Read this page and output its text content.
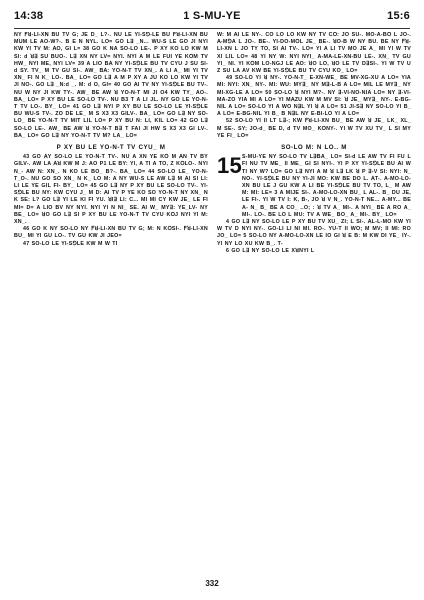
14:38	1 S-MU-YE	15:6

NY ꓝꓤ-LI-Xꓠ BU TV G; JE D_ L?-. NU LE YI-Sꓨ-LE BU ꓝꓤ-LI-Xꓠ BU MꓴM LE AO-W?-. B E N NYL. LO= GO Lꓱ _N... WU-S LE GO JI NYI KW YI TV M: ꓮO, GI L= 38 GO K NA SO-LO LE-. P XY KO LO KW M SI: d ꓤꓱ SU BUO-. Lꓱ XN NY LV= NYI. NYI A M LE FUI YE KꓳM TV HW_ NYI ME, NYI LV= 39 A LIO Bꓮ NY YI-SꓨLE BU TV CYU J SU SI-d SY. TV_ M TV GU SI-. AW_ Bꓮ: YO-N-T TV XN_. A LI A_ MI YI TV XN_ FI N K_ LO-. BA_ LO= GO Lꓱ A M P XY A JU KO LO KW YI TV JI NO-. GO Lꓱ _N:d _. M: d O, GI= 40 GO ꓮI TV NY YI-SꓨLE BU TV-. NU W NY JI KW TY-. AW_ BE AW ꓤ YO-N-T MI JI O4 KW TY_ AO-. BA_ LO= P XY BU LE SO-LO TV-. NU B3 T A LI JL. NY GO LE YO-N-T TV LO-. BY_ LO= 41 GO Lꓱ NYI P XY BU LE SO-LO LE YI-SꓨLE BU WU-S TV-. ZO DE LE_ M S X3 X3 GꓲLV-. BA_ LO= GO Lꓱ NY SO-LO_ BE YO-N-T TV MꓲT LꓲL LO= P XY BU N: LI, KꓲL LO= 42 GO Lꓱ SO-LO LE-. AW_ BE AW ꓤ YO-N-T Bꓱ T FAI JI HW S X3 X3 GI LV-. BA_ LO= GO Lꓱ NY YO-N-T TV M? LA_ LO=

P XY BU LE YO-N-T TV CYU_ M

43 GO ꓮY SO-LO LE YO-N-T TV-. NU A XN YE Kꓳ M ꓮN TV BY GꓲLV-. AW LA ꓮꓤ KW M J: AO P1 LE BY: YI, A TI A TO, Z KꓳLO-. NYI N_- AW N: XN_. N KO LE BO_ B?-. BA_ LO= 44 SO-LO LE_ YO-N-T_O-. NU GO SO XN_ N K_ LO M: A NY WU-S LE AW Lꓱ M ꓮI SI LI: LI LE YE GꓲL FI- BY_ LO= 45 GO Lꓱ NY P XY BU LE SO-LO TV-. YI-SꓨLE BU NY: KW CYU J_ M D: ꓮI TV P YE KO SO YO-N-T NY XN_ N K SE: L? GO Lꓱ YI LE KI FI YU. ꓤIꓱ LI: C... MI MI CY KW JE_ LE FI MI= D= A LIO BV NY NYI. NYI YI N NI_ SE. ꓮI W_ MYꓱ: YE_LV- NY BE_ LO= ꓤO GO Lꓱ SI P XY BU LE YO-N-T TV CYU KꓳJ NYI YI M: XN_.

46 GO K NY SO-LO NY ꓝꓤ-LI-XN BU TV G; M: N KꓳSI-. ꓝꓤ-LI-XN BU_ MI YI GU LO-. TV GU KW JI JEO=

47 SO-LO LE YI-SꓨLE KW M W TI

W: M ꓮI LE NY-. CO LO LO KW NY TV Cꓳ: JO SU-. MO-A-Bꓳ L JO-. ꓮ-MꓨA L JO-. BE-. YI-DO-MꓳL JE_ BE-. ꓤO-B W NY BU. BE NY ꓝꓤ-LI-XN L JO TY TO, SI ꓮI TV-. LO= YI A LI TV MO JE A_ MI YI W TV XI LꓲL LO= 48 YI NY W: NYI NYI_ A-MA-LE-XN-BU LE-. XN_ TV GU YI_ NI. YI KꓳM LO-NGJ LE ꓮO: ꓤO LO, ꓤO LE TV DꓱSI-. YI W TV U Z SU LA AV KW BE YI-SꓨLE BU TV CYU KO_ LO=

49 SO-LO YI ꓤ NY-. YO-N-T_ E-XN-WE_ BE MV-XG-XU A LO= YIA MI: NYI: XN_ NY-. MI: WU: MYꓱ_ NY Mꓱ-L-B A LO= MꓲL LE MYꓱ_ NY MI-XG-LE A LO= 50 SO-LO ꓤ NYI M?-. NY ꓱ-VI-NO-NꓲA LO= NY ꓱ-VI-MA-ZO YIA MI A LO= YI MꓮZU KW M MV SI: ꓤ JE_ MYꓱ_ NY-. E-BG-NꓲL A LO= SO-LO YI A WO NꓱL YI ꓤ A LO= 51 JI-Sꓱ NY SO-LO YI B_ A LO= E-BG-NꓲL YI B_ B NꓱL NY E-BI-LO YI A LO=

52 SO-LO YI ꓲI LT Lꓱ-; KW ꓝꓤ-LI-XN BU_ BE AW ꓤ JE_ LK_ XL_ M SE-. SY; JO-d_ BE D, d TV MO_ KꓳNY-. YI W TV XU TV_ L SI MY YE FI_ LO=

SO-LO M: N LO.. M
15 S-MU-YE NY SO-LO TV LꓱBA_ LO= SI-d LE AW TV FI FU L FI NU TV ME_ ꓲI ME_ Gꓲ SI NYI-. YI P XY YI-SꓨLE BU ꓮI W TI NY W? LO= GO Lꓱ NYI A M ꓤ Lꓱ LK ꓤ P ꓱ-V SI: NYI: N_ NO-. YI-SꓨLE BU NY YI-JI MO: KW BE DO L. ꓮT-. A-MO-LO-XN BU LE J GU KW A LI BE YI-SꓨLE BU TV TO, L_ M AW M: MI: LE= 3 A MꓲJE SI-. A-MO-LO-XN BU_ L ꓮL-. B_ DU JE, LE FI-. YI W TV ꓲ: K, B-, JO ꓤ V N_. YO-N-T NE... A-MY... BE A- N_ B_ BE A CO_ ..O; : ꓤ TV A_ MI-. A NYI_ BE A RO A_ MI-. LO-. BE LO L MU: TV A WE_ BO_ A_ MI-. BY_ LO=

4 GO Lꓱ NY SO-LO LE P XY BU TV XU_ ZI; L SI-. ꓮL-L-MO KW YI W TV D NYI NY-. GO-LI LI NI MI. RO-. YU-T ꓲI WO; M MV; ꓲI MI: RO JO_ LO= 5 SO-LO NY A-MO-LO-XN LE ꓲO GI ꓤ E B: M KW DI YE_ ꓲY-. YI NY LO XU KW B_. T-

6 GO Lꓱ NY SO-LO LE XꓤNYI L

332
